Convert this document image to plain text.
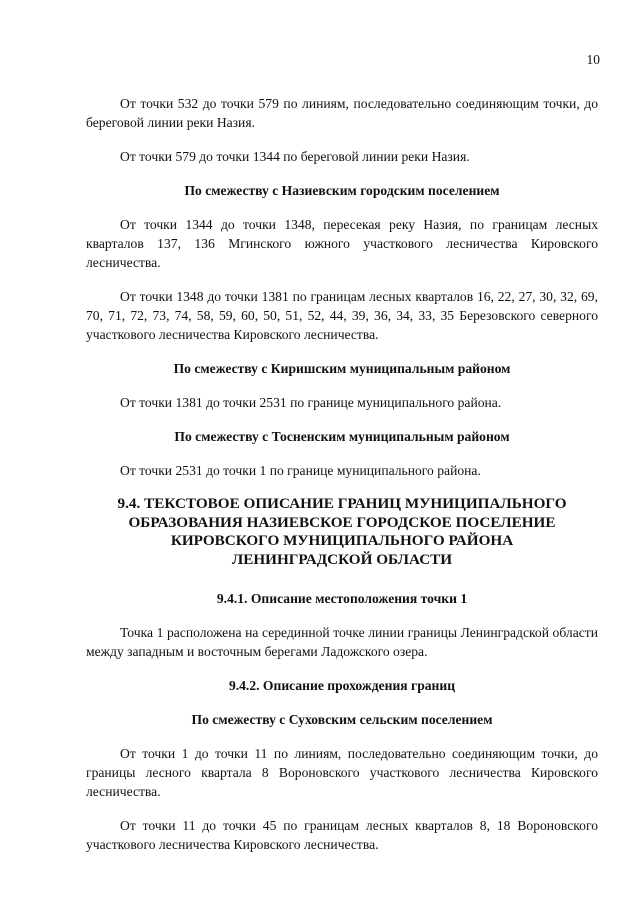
10

От точки 532 до точки 579 по линиям, последовательно соединяющим точки, до береговой линии реки Назия.

От точки 579 до точки 1344 по береговой линии реки Назия.

По смежеству с Назиевским городским поселением

От точки 1344 до точки 1348, пересекая реку Назия, по границам лесных кварталов 137, 136 Мгинского южного участкового лесничества Кировского лесничества.

От точки 1348 до точки 1381 по границам лесных кварталов 16, 22, 27, 30, 32, 69, 70, 71, 72, 73, 74, 58, 59, 60, 50, 51, 52, 44, 39, 36, 34, 33, 35 Березовского северного участкового лесничества Кировского лесничества.

По смежеству с Киришским муниципальным районом

От точки 1381 до точки 2531 по границе муниципального района.

По смежеству с Тосненским муниципальным районом

От точки 2531 до точки 1 по границе муниципального района.

9.4. ТЕКСТОВОЕ ОПИСАНИЕ ГРАНИЦ МУНИЦИПАЛЬНОГО
ОБРАЗОВАНИЯ НАЗИЕВСКОЕ ГОРОДСКОЕ ПОСЕЛЕНИЕ
КИРОВСКОГО МУНИЦИПАЛЬНОГО РАЙОНА
ЛЕНИНГРАДСКОЙ ОБЛАСТИ

9.4.1. Описание местоположения точки 1

Точка 1 расположена на серединной точке линии границы Ленинградской области между западным и восточным берегами Ладожского озера.

9.4.2. Описание прохождения границ

По смежеству с Суховским сельским поселением

От точки 1 до точки 11 по линиям, последовательно соединяющим точки, до границы лесного квартала 8 Вороновского участкового лесничества Кировского лесничества.

От точки 11 до точки 45 по границам лесных кварталов 8, 18 Вороновского участкового лесничества Кировского лесничества.
